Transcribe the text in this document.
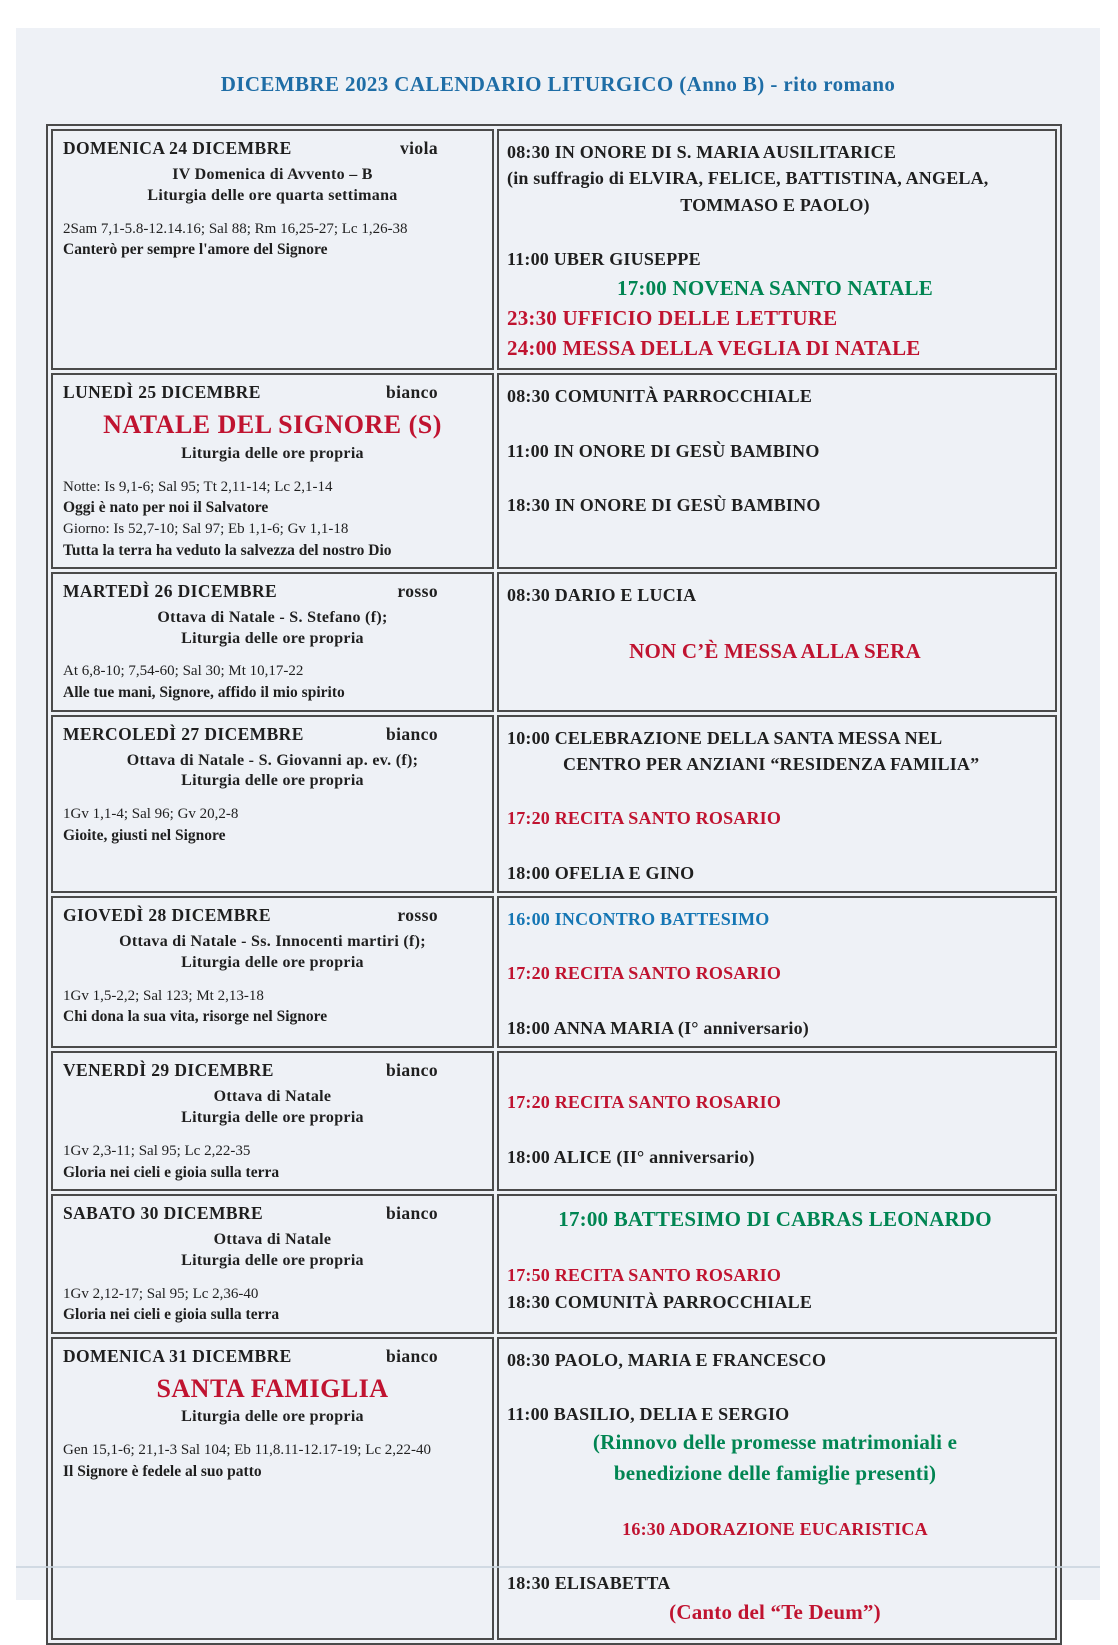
DICEMBRE 2023 CALENDARIO LITURGICO (Anno B) - rito romano
DOMENICA 24 DICEMBRE	viola
IV Domenica di Avvento – B
Liturgia delle ore quarta settimana
2Sam 7,1-5.8-12.14.16; Sal 88; Rm 16,25-27; Lc 1,26-38
Canterò per sempre l'amore del Signore
08:30 IN ONORE DI S. MARIA AUSILITARICE
(in suffragio di ELVIRA, FELICE, BATTISTINA, ANGELA,
TOMMASO E PAOLO)
11:00 UBER GIUSEPPE
17:00 NOVENA SANTO NATALE
23:30 UFFICIO DELLE LETTURE
24:00 MESSA DELLA VEGLIA DI NATALE
LUNEDÌ 25 DICEMBRE	bianco
NATALE DEL SIGNORE (S)
Liturgia delle ore propria
Notte: Is 9,1-6; Sal 95; Tt 2,11-14; Lc 2,1-14
Oggi è nato per noi il Salvatore
Giorno: Is 52,7-10; Sal 97; Eb 1,1-6; Gv 1,1-18
Tutta la terra ha veduto la salvezza del nostro Dio
08:30 COMUNITÀ PARROCCHIALE
11:00 IN ONORE DI GESÙ BAMBINO
18:30 IN ONORE DI GESÙ BAMBINO
MARTEDÌ 26 DICEMBRE	rosso
Ottava di Natale - S. Stefano (f);
Liturgia delle ore propria
At 6,8-10; 7,54-60; Sal 30; Mt 10,17-22
Alle tue mani, Signore, affido il mio spirito
08:30 DARIO E LUCIA
NON C’È MESSA ALLA SERA
MERCOLEDÌ 27 DICEMBRE	bianco
Ottava di Natale - S. Giovanni ap. ev. (f);
Liturgia delle ore propria
1Gv 1,1-4; Sal 96; Gv 20,2-8
Gioite, giusti nel Signore
10:00 CELEBRAZIONE DELLA SANTA MESSA NEL
CENTRO PER ANZIANI “RESIDENZA FAMILIA”
17:20 RECITA SANTO ROSARIO
18:00 OFELIA E GINO
GIOVEDÌ 28 DICEMBRE	rosso
Ottava di Natale - Ss. Innocenti martiri (f);
Liturgia delle ore propria
1Gv 1,5-2,2; Sal 123; Mt 2,13-18
Chi dona la sua vita, risorge nel Signore
16:00 INCONTRO BATTESIMO
17:20 RECITA SANTO ROSARIO
18:00 ANNA MARIA (I° anniversario)
VENERDÌ 29 DICEMBRE	bianco
Ottava di Natale
Liturgia delle ore propria
1Gv 2,3-11; Sal 95; Lc 2,22-35
Gloria nei cieli e gioia sulla terra
17:20 RECITA SANTO ROSARIO
18:00 ALICE (II° anniversario)
SABATO 30 DICEMBRE	bianco
Ottava di Natale
Liturgia delle ore propria
1Gv 2,12-17; Sal 95; Lc 2,36-40
Gloria nei cieli e gioia sulla terra
17:00 BATTESIMO DI CABRAS LEONARDO
17:50 RECITA SANTO ROSARIO
18:30 COMUNITÀ PARROCCHIALE
DOMENICA 31 DICEMBRE	bianco
SANTA FAMIGLIA
Liturgia delle ore propria
Gen 15,1-6; 21,1-3 Sal 104; Eb 11,8.11-12.17-19; Lc 2,22-40
Il Signore è fedele al suo patto
08:30 PAOLO, MARIA E FRANCESCO
11:00 BASILIO, DELIA E SERGIO
(Rinnovo delle promesse matrimoniali e
benedizione delle famiglie presenti)
16:30 ADORAZIONE EUCARISTICA
18:30 ELISABETTA
(Canto del “Te Deum”)
